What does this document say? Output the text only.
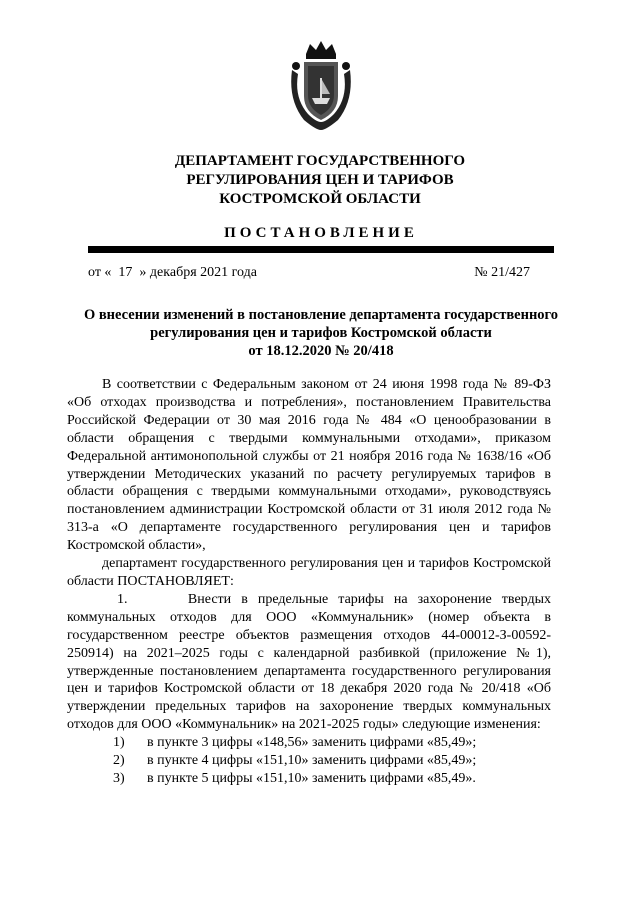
ДЕПАРТАМЕНТ ГОСУДАРСТВЕННОГО
РЕГУЛИРОВАНИЯ ЦЕН И ТАРИФОВ
КОСТРОМСКОЙ ОБЛАСТИ
ПОСТАНОВЛЕНИЕ
от «  17  » декабря 2021 года	№ 21/427
О внесении изменений в постановление департамента государственного
регулирования цен и тарифов Костромской области
от 18.12.2020 № 20/418

В соответствии с Федеральным законом от 24 июня 1998 года № 89-ФЗ «Об отходах производства и потребления», постановлением Правительства Российской Федерации от 30 мая 2016 года № 484 «О ценообразовании в области обращения с твердыми коммунальными отходами», приказом Федеральной антимонопольной службы от 21 ноября 2016 года № 1638/16 «Об утверждении Методических указаний по расчету регулируемых тарифов в области обращения с твердыми коммунальными отходами», руководствуясь постановлением администрации Костромской области от 31 июля 2012 года № 313-а «О департаменте государственного регулирования цен и тарифов Костромской области»,

департамент государственного регулирования цен и тарифов Костромской области ПОСТАНОВЛЯЕТ:

1.	Внести в предельные тарифы на захоронение твердых коммунальных отходов для ООО «Коммунальник» (номер объекта в государственном реестре объектов размещения отходов 44-00012-З-00592-250914) на 2021–2025 годы с календарной разбивкой (приложение №1), утвержденные постановлением департамента государственного регулирования цен и тарифов Костромской области от 18 декабря 2020 года № 20/418 «Об утверждении предельных тарифов на захоронение твердых коммунальных отходов для ООО «Коммунальник» на 2021-2025 годы» следующие изменения:

1) в пункте 3 цифры «148,56» заменить цифрами «85,49»;

2) в пункте 4 цифры «151,10» заменить цифрами «85,49»;

3) в пункте 5 цифры «151,10» заменить цифрами «85,49».
